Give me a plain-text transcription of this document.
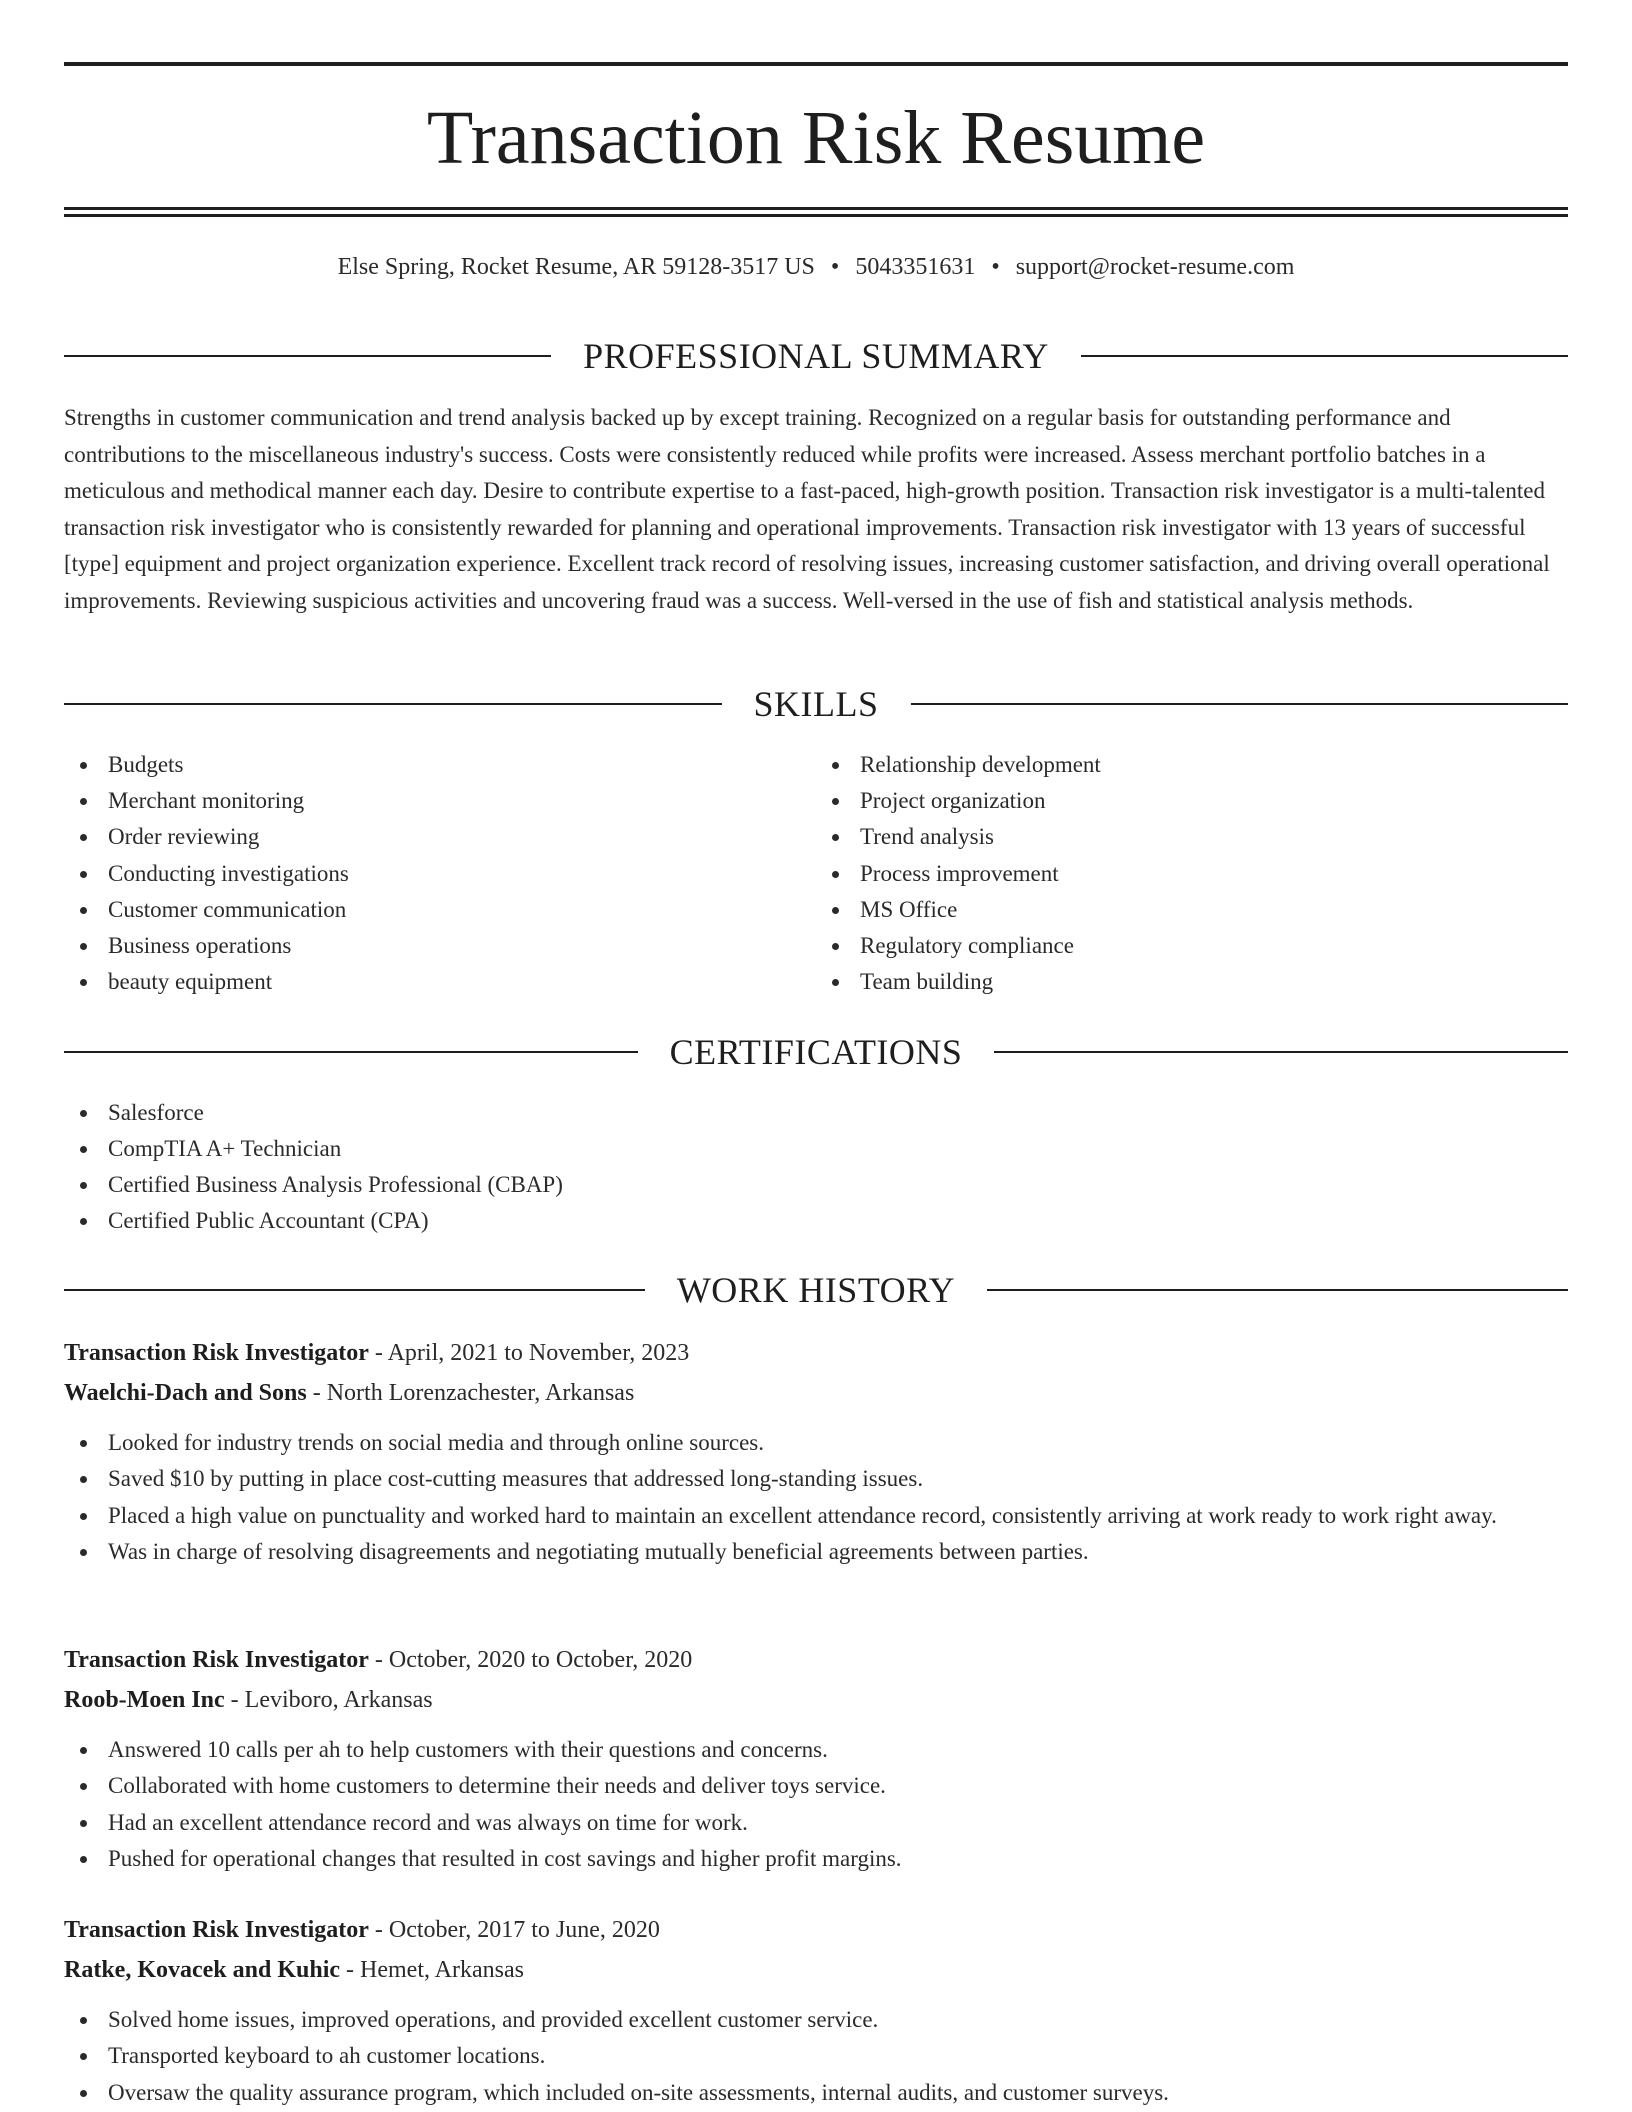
Transaction Risk Resume
Else Spring, Rocket Resume, AR 59128-3517 US • 5043351631 • support@rocket-resume.com
PROFESSIONAL SUMMARY

Strengths in customer communication and trend analysis backed up by except training. Recognized on a regular basis for outstanding performance and contributions to the miscellaneous industry's success. Costs were consistently reduced while profits were increased. Assess merchant portfolio batches in a meticulous and methodical manner each day. Desire to contribute expertise to a fast-paced, high-growth position. Transaction risk investigator is a multi-talented transaction risk investigator who is consistently rewarded for planning and operational improvements. Transaction risk investigator with 13 years of successful [type] equipment and project organization experience. Excellent track record of resolving issues, increasing customer satisfaction, and driving overall operational improvements. Reviewing suspicious activities and uncovering fraud was a success. Well-versed in the use of fish and statistical analysis methods.

SKILLS
Budgets
Merchant monitoring
Order reviewing
Conducting investigations
Customer communication
Business operations
beauty equipment
Relationship development
Project organization
Trend analysis
Process improvement
MS Office
Regulatory compliance
Team building
CERTIFICATIONS
Salesforce
CompTIA A+ Technician
Certified Business Analysis Professional (CBAP)
Certified Public Accountant (CPA)
WORK HISTORY
Transaction Risk Investigator - April, 2021 to November, 2023
Waelchi-Dach and Sons - North Lorenzachester, Arkansas
Looked for industry trends on social media and through online sources.
Saved $10 by putting in place cost-cutting measures that addressed long-standing issues.
Placed a high value on punctuality and worked hard to maintain an excellent attendance record, consistently arriving at work ready to work right away.
Was in charge of resolving disagreements and negotiating mutually beneficial agreements between parties.
Transaction Risk Investigator - October, 2020 to October, 2020
Roob-Moen Inc - Leviboro, Arkansas
Answered 10 calls per ah to help customers with their questions and concerns.
Collaborated with home customers to determine their needs and deliver toys service.
Had an excellent attendance record and was always on time for work.
Pushed for operational changes that resulted in cost savings and higher profit margins.
Transaction Risk Investigator - October, 2017 to June, 2020
Ratke, Kovacek and Kuhic - Hemet, Arkansas
Solved home issues, improved operations, and provided excellent customer service.
Transported keyboard to ah customer locations.
Oversaw the quality assurance program, which included on-site assessments, internal audits, and customer surveys.
